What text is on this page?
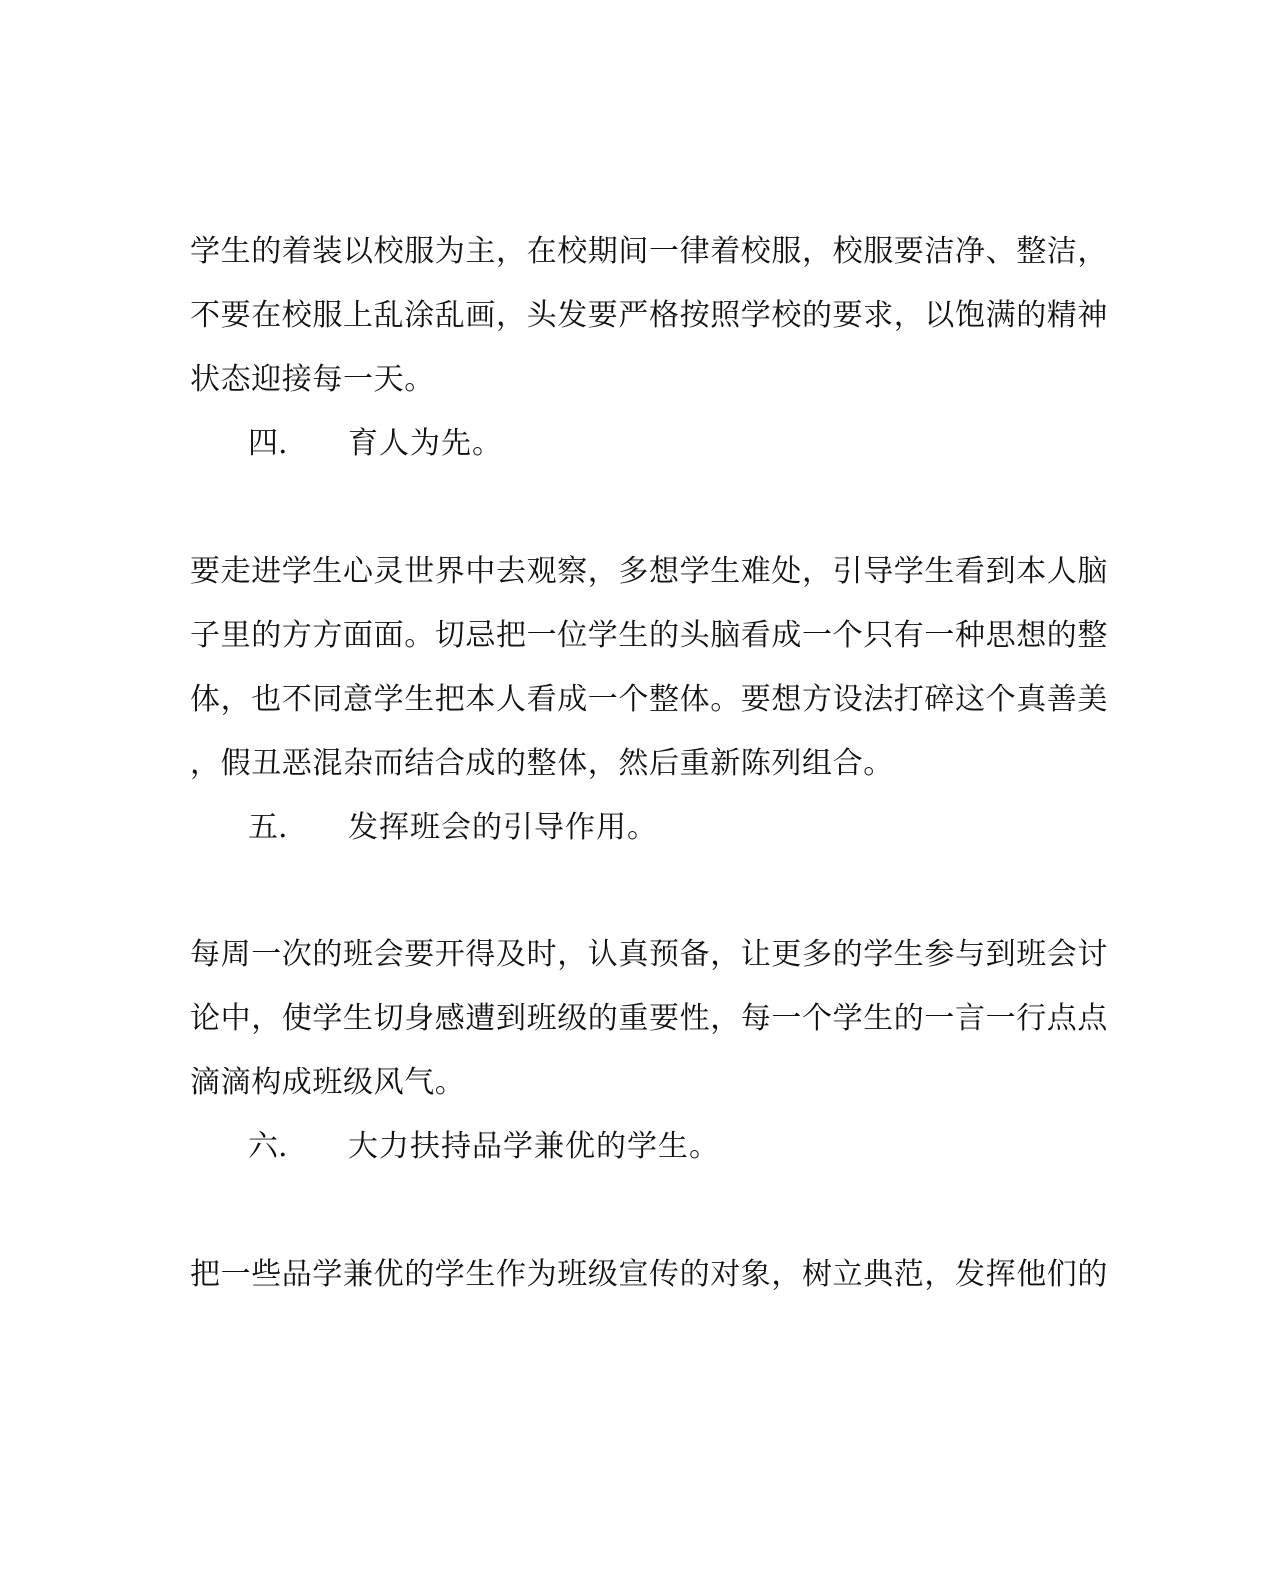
学生的着装以校服为主，在校期间一律着校服，校服要洁净、整洁，
不要在校服上乱涂乱画，头发要严格按照学校的要求，以饱满的精神
状态迎接每一天。
四. 育人为先。
要走进学生心灵世界中去观察，多想学生难处，引导学生看到本人脑
子里的方方面面。切忌把一位学生的头脑看成一个只有一种思想的整
体，也不同意学生把本人看成一个整体。要想方设法打碎这个真善美
，假丑恶混杂而结合成的整体，然后重新陈列组合。
五. 发挥班会的引导作用。
每周一次的班会要开得及时，认真预备，让更多的学生参与到班会讨
论中，使学生切身感遭到班级的重要性，每一个学生的一言一行点点
滴滴构成班级风气。
六. 大力扶持品学兼优的学生。
把一些品学兼优的学生作为班级宣传的对象，树立典范，发挥他们的
